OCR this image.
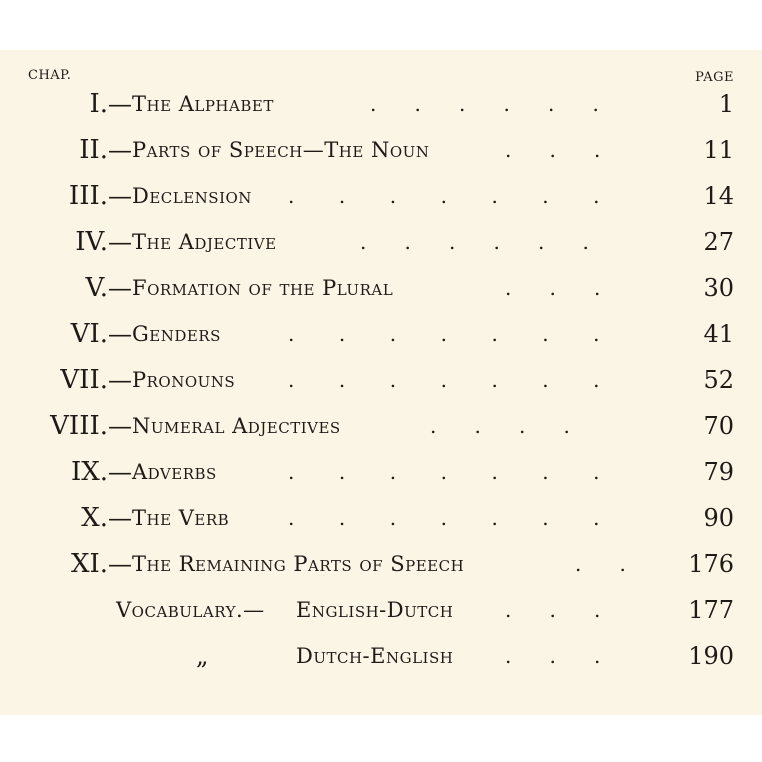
CHAP.	PAGE
I. — The Alphabet	.      .      .      .      .      .	1
II. — Parts of Speech—The Noun	.      .      .	11
III. — Declension .       .       .       .       .       .       .	14
IV. — The Adjective	.      .      .      .      .      .	27
V. — Formation of the Plural	.      .      .	30
VI. — Genders	.       .       .       .       .       .       .	41
VII. — Pronouns	.       .       .       .       .       .       .	52
VIII. — Numeral Adjectives	.      .      .      .	70
IX. — Adverbs	.       .       .       .       .       .       .	79
X. — The Verb	.       .       .       .       .       .       .	90
XI. — The Remaining Parts of Speech	.      .	176
Vocabulary.— English-Dutch	.      .      .	177
„	Dutch-English	.      .      .	190
